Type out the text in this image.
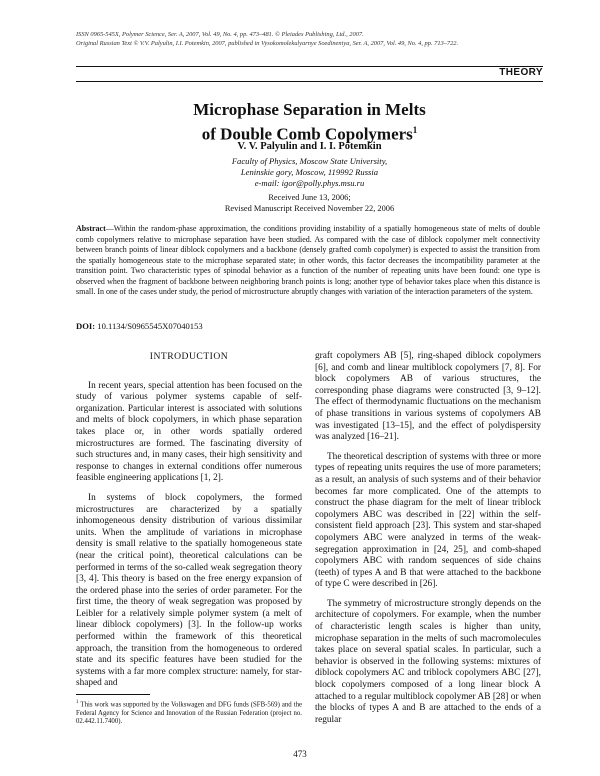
ISSN 0965-545X, Polymer Science, Ser. A, 2007, Vol. 49, No. 4, pp. 473–481. © Pleiades Publishing, Ltd., 2007.
Original Russian Text © V.V. Palyulin, I.I. Potemkin, 2007, published in Vysokomolekulyarnye Soedineniya, Ser. A, 2007, Vol. 49, No. 4, pp. 713–722.
THEORY
Microphase Separation in Melts
of Double Comb Copolymers$^1$
V. V. Palyulin and I. I. Potemkin
Faculty of Physics, Moscow State University,
Leninskie gory, Moscow, 119992 Russia
e-mail: igor@polly.phys.msu.ru
Received June 13, 2006;
Revised Manuscript Received November 22, 2006
Abstract—Within the random-phase approximation, the conditions providing instability of a spatially homogeneous state of melts of double comb copolymers relative to microphase separation have been studied. As compared with the case of diblock copolymer melt connectivity between branch points of linear diblock copolymers and a backbone (densely grafted comb copolymer) is expected to assist the transition from the spatially homogeneous state to the microphase separated state; in other words, this factor decreases the incompatibility parameter at the transition point. Two characteristic types of spinodal behavior as a function of the number of repeating units have been found: one type is observed when the fragment of backbone between neighboring branch points is long; another type of behavior takes place when this distance is small. In one of the cases under study, the period of microstructure abruptly changes with variation of the interaction parameters of the system.
DOI: 10.1134/S0965545X07040153
INTRODUCTION

In recent years, special attention has been focused on the study of various polymer systems capable of self-organization. Particular interest is associated with solutions and melts of block copolymers, in which phase separation takes place or, in other words spatially ordered microstructures are formed. The fascinating diversity of such structures and, in many cases, their high sensitivity and response to changes in external conditions offer numerous feasible engineering applications [1, 2].

In systems of block copolymers, the formed microstructures are characterized by a spatially inhomogeneous density distribution of various dissimilar units. When the amplitude of variations in microphase density is small relative to the spatially homogeneous state (near the critical point), theoretical calculations can be performed in terms of the so-called weak segregation theory [3, 4]. This theory is based on the free energy expansion of the ordered phase into the series of order parameter. For the first time, the theory of weak segregation was proposed by Leibler for a relatively simple polymer system (a melt of linear diblock copolymers) [3]. In the follow-up works performed within the framework of this theoretical approach, the transition from the homogeneous to ordered state and its specific features have been studied for the systems with a far more complex structure: namely, for star-shaped and

graft copolymers AB [5], ring-shaped diblock copolymers [6], and comb and linear multiblock copolymers [7, 8]. For block copolymers AB of various structures, the corresponding phase diagrams were constructed [3, 9–12]. The effect of thermodynamic fluctuations on the mechanism of phase transitions in various systems of copolymers AB was investigated [13–15], and the effect of polydispersity was analyzed [16–21].

The theoretical description of systems with three or more types of repeating units requires the use of more parameters; as a result, an analysis of such systems and of their behavior becomes far more complicated. One of the attempts to construct the phase diagram for the melt of linear triblock copolymers ABC was described in [22] within the self-consistent field approach [23]. This system and star-shaped copolymers ABC were analyzed in terms of the weak-segregation approximation in [24, 25], and comb-shaped copolymers ABC with random sequences of side chains (teeth) of types A and B that were attached to the backbone of type C were described in [26].

The symmetry of microstructure strongly depends on the architecture of copolymers. For example, when the number of characteristic length scales is higher than unity, microphase separation in the melts of such macromolecules takes place on several spatial scales. In particular, such a behavior is observed in the following systems: mixtures of diblock copolymers AC and triblock copolymers ABC [27], block copolymers composed of a long linear block A attached to a regular multiblock copolymer AB [28] or when the blocks of types A and B are attached to the ends of a regular

$^1$ This work was supported by the Volkswagen and DFG funds (SFB-569) and the Federal Agency for Science and Innovation of the Russian Federation (project no. 02.442.11.7400).
473
